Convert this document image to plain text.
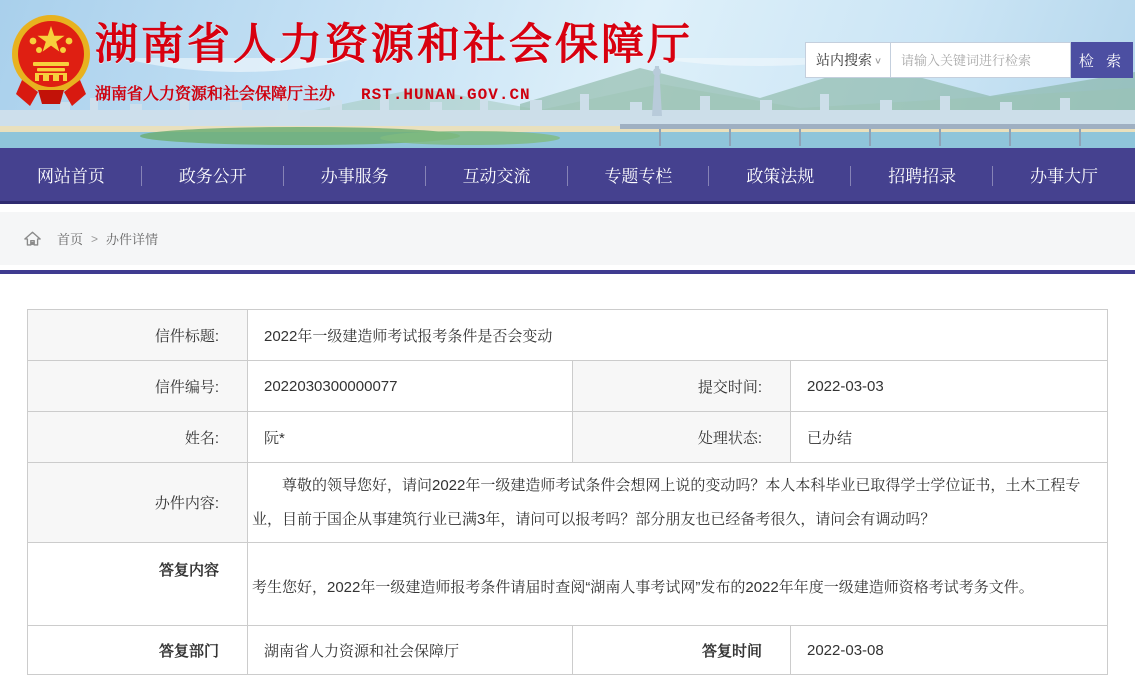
湖南省人力资源和社会保障厅
湖南省人力资源和社会保障厅主办 RST.HUNAN.GOV.CN
站内搜索 ∨
请输入关键词进行检索	检 索
网站首页	政务公开	办事服务	互动交流	专题专栏	政策法规	招聘招录	办事大厅
首页 > 办件详情
信件标题:	2022年一级建造师考试报考条件是否会变动		
信件编号:	2022030300000077	提交时间:	2022-03-03
姓名:	阮*	处理状态:	已办结
办件内容:	尊敬的领导您好，请问2022年一级建造师考试条件会想网上说的变动吗？本人本科毕业已取得学士学位证书，土木工程专业，目前于国企从事建筑行业已满3年，请问可以报考吗？部分朋友也已经备考很久，请问会有调动吗？		

答复内容	考生您好，2022年一级建造师报考条件请届时查阅“湖南人事考试网”发布的2022年年度一级建造师资格考试考务文件。		
答复部门	湖南省人力资源和社会保障厅	答复时间	2022-03-08
